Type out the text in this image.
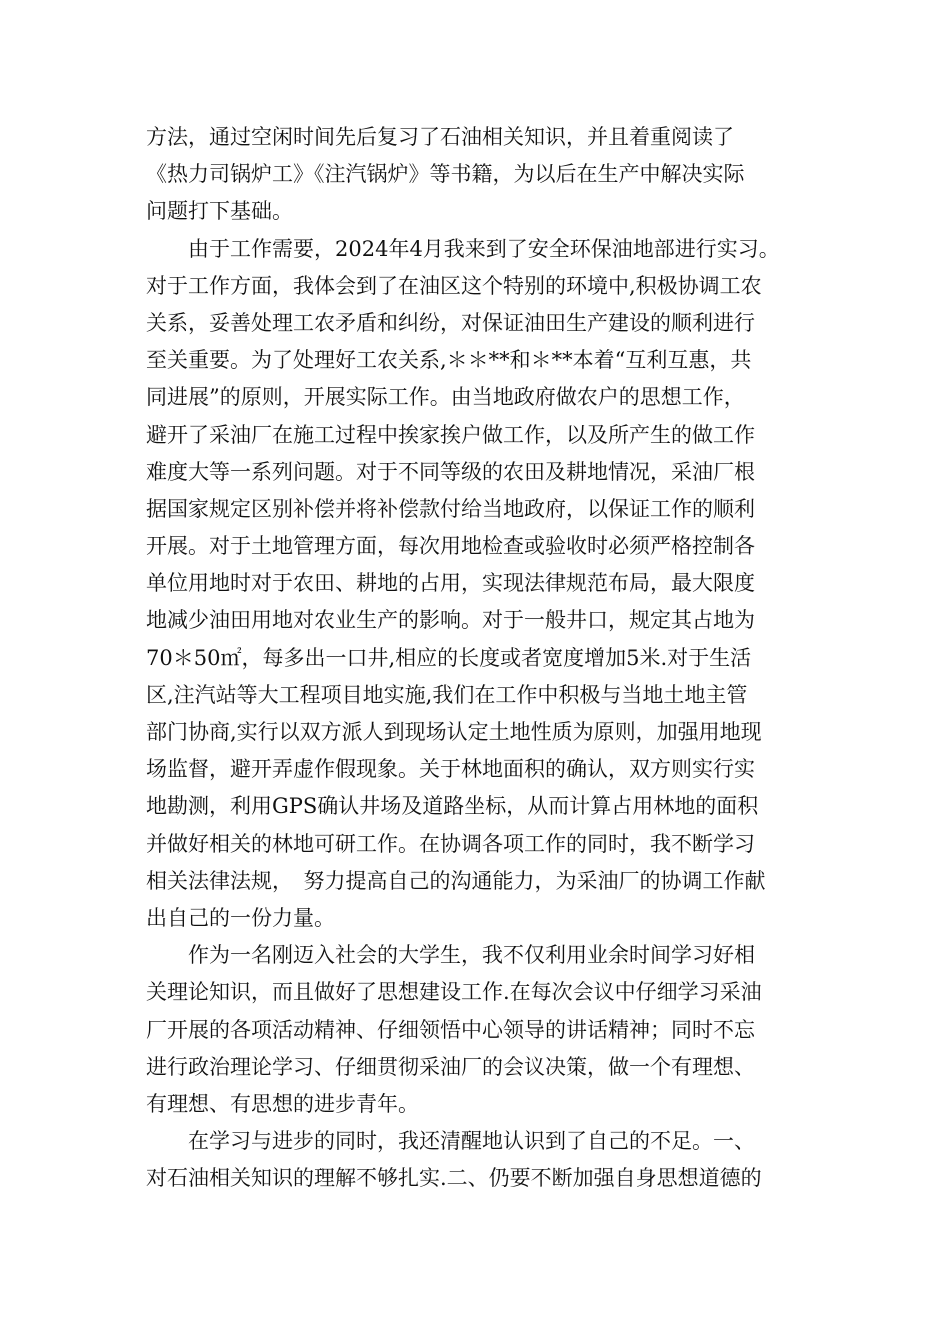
方法，通过空闲时间先后复习了石油相关知识，并且着重阅读了
《热力司锅炉工》《注汽锅炉》等书籍，为以后在生产中解决实际
问题打下基础。
　　由于工作需要，2024年4月我来到了安全环保油地部进行实习。
对于工作方面，我体会到了在油区这个特别的环境中,积极协调工农
关系，妥善处理工农矛盾和纠纷，对保证油田生产建设的顺利进行
至关重要。为了处理好工农关系,＊＊**和＊**本着“互利互惠，共
同进展”的原则，开展实际工作。由当地政府做农户的思想工作，
避开了采油厂在施工过程中挨家挨户做工作，以及所产生的做工作
难度大等一系列问题。对于不同等级的农田及耕地情况，采油厂根
据国家规定区别补偿并将补偿款付给当地政府，以保证工作的顺利
开展。对于土地管理方面，每次用地检查或验收时必须严格控制各
单位用地时对于农田、耕地的占用，实现法律规范布局，最大限度
地减少油田用地对农业生产的影响。对于一般井口，规定其占地为
70＊50㎡，每多出一口井,相应的长度或者宽度增加5米.对于生活
区,注汽站等大工程项目地实施,我们在工作中积极与当地土地主管
部门协商,实行以双方派人到现场认定土地性质为原则，加强用地现
场监督，避开弄虚作假现象。关于林地面积的确认，双方则实行实
地勘测，利用GPS确认井场及道路坐标，从而计算占用林地的面积
并做好相关的林地可研工作。在协调各项工作的同时，我不断学习
相关法律法规，　努力提高自己的沟通能力，为采油厂的协调工作献
出自己的一份力量。
　　作为一名刚迈入社会的大学生，我不仅利用业余时间学习好相
关理论知识，而且做好了思想建设工作.在每次会议中仔细学习采油
厂开展的各项活动精神、仔细领悟中心领导的讲话精神；同时不忘
进行政治理论学习、仔细贯彻采油厂的会议决策，做一个有理想、
有理想、有思想的进步青年。
　　在学习与进步的同时，我还清醒地认识到了自己的不足。一、
对石油相关知识的理解不够扎实.二、仍要不断加强自身思想道德的
